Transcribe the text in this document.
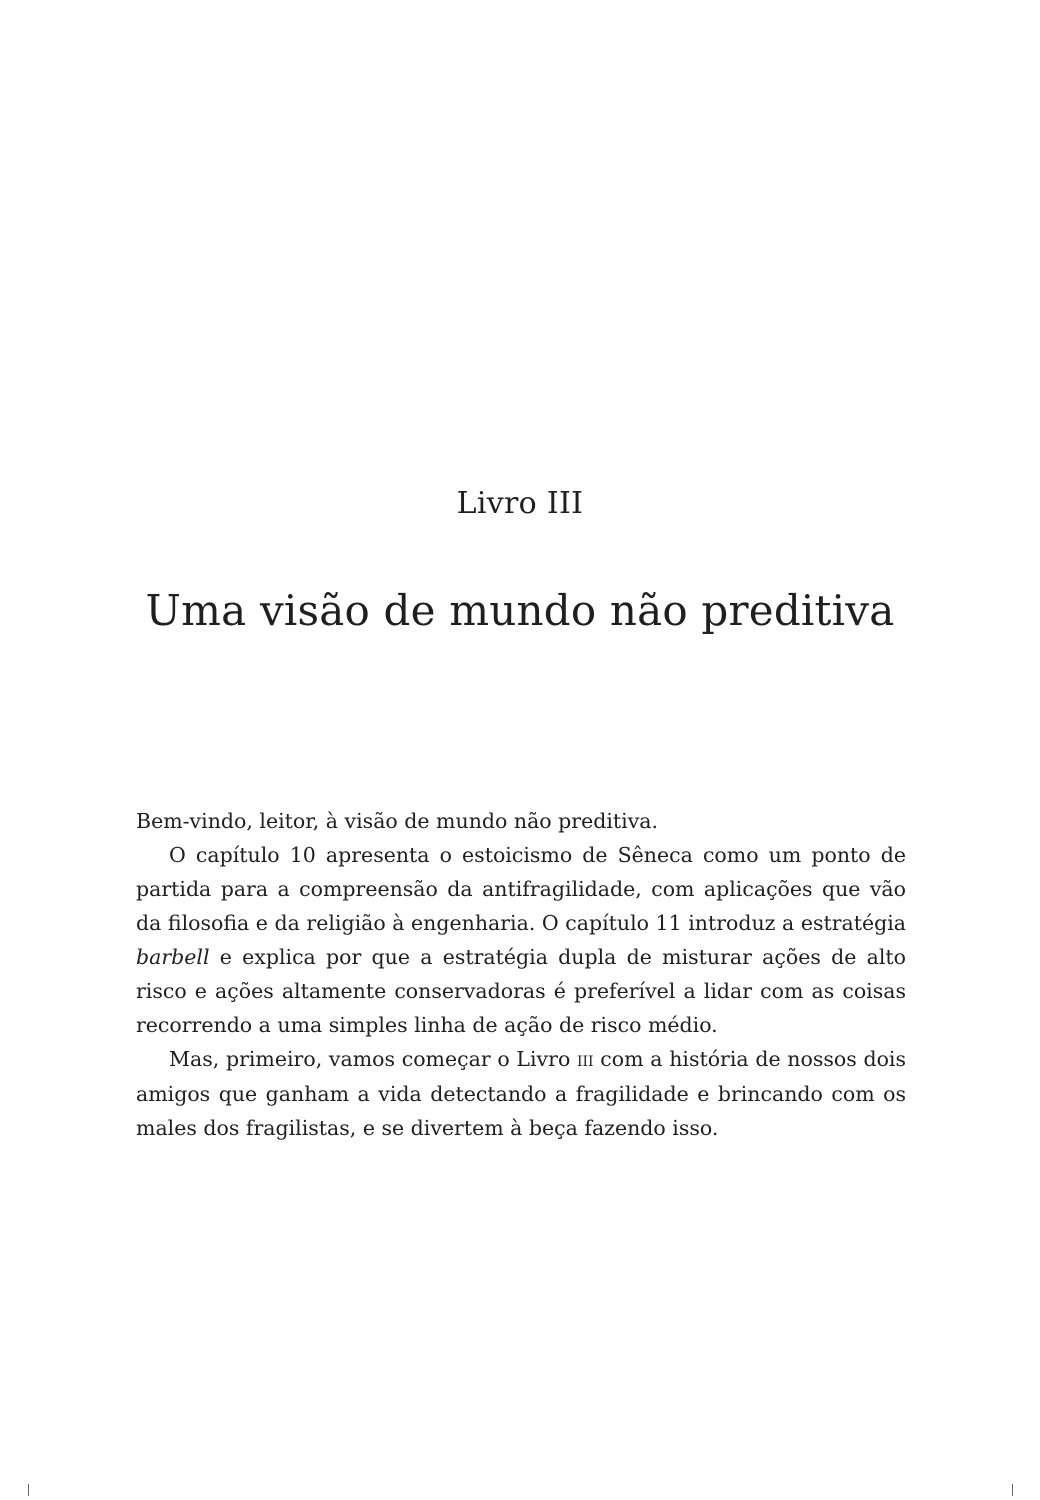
Livro III
Uma visão de mundo não preditiva

Bem-vindo, leitor, à visão de mundo não preditiva.

O capítulo 10 apresenta o estoicismo de Sêneca como um ponto de partida para a compreensão da antifragilidade, com aplicações que vão da filosofia e da religião à engenharia. O capítulo 11 introduz a estratégia barbell e explica por que a estratégia dupla de misturar ações de alto risco e ações altamente conservadoras é preferível a lidar com as coisas recorrendo a uma simples linha de ação de risco médio.

Mas, primeiro, vamos começar o Livro iii com a história de nossos dois amigos que ganham a vida detectando a fragilidade e brincando com os males dos fragilistas, e se divertem à beça fazendo isso.
